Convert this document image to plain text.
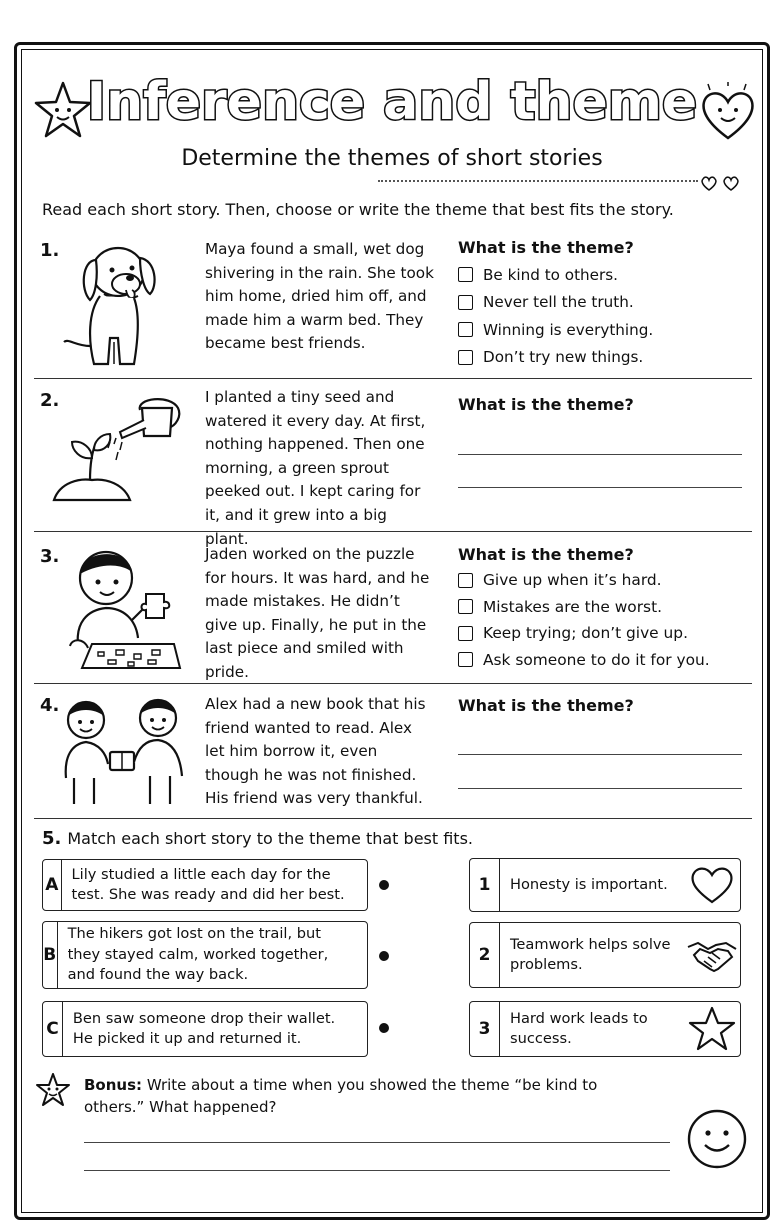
Inference and theme
Determine the themes of short stories
Read each short story. Then, choose or write the theme that best fits the story.
1.	Maya found a small, wet dog shivering in the rain. She took him home, dried him off, and made him a warm bed. They became best friends.
What is the theme?
Be kind to others.
Never tell the truth.
Winning is everything.
Don’t try new things.
2.	I planted a tiny seed and watered it every day. At first, nothing happened. Then one morning, a green sprout peeked out. I kept caring for it, and it grew into a big plant.
What is the theme?
3.	Jaden worked on the puzzle for hours. It was hard, and he made mistakes. He didn’t give up. Finally, he put in the last piece and smiled with pride.
What is the theme?
Give up when it’s hard.
Mistakes are the worst.
Keep trying; don’t give up.
Ask someone to do it for you.
4.	Alex had a new book that his friend wanted to read. Alex let him borrow it, even though he was not finished. His friend was very thankful.
What is the theme?
5. Match each short story to the theme that best fits.
A
Lily studied a little each day for the test. She was ready and did her best.
B
The hikers got lost on the trail, but they stayed calm, worked together, and found the way back.
C
Ben saw someone drop their wallet. He picked it up and returned it.
1	Honesty is important.
2
Teamwork helps solve problems.
3
Hard work leads to success.
Bonus: Write about a time when you showed the theme “be kind to others.” What happened?
